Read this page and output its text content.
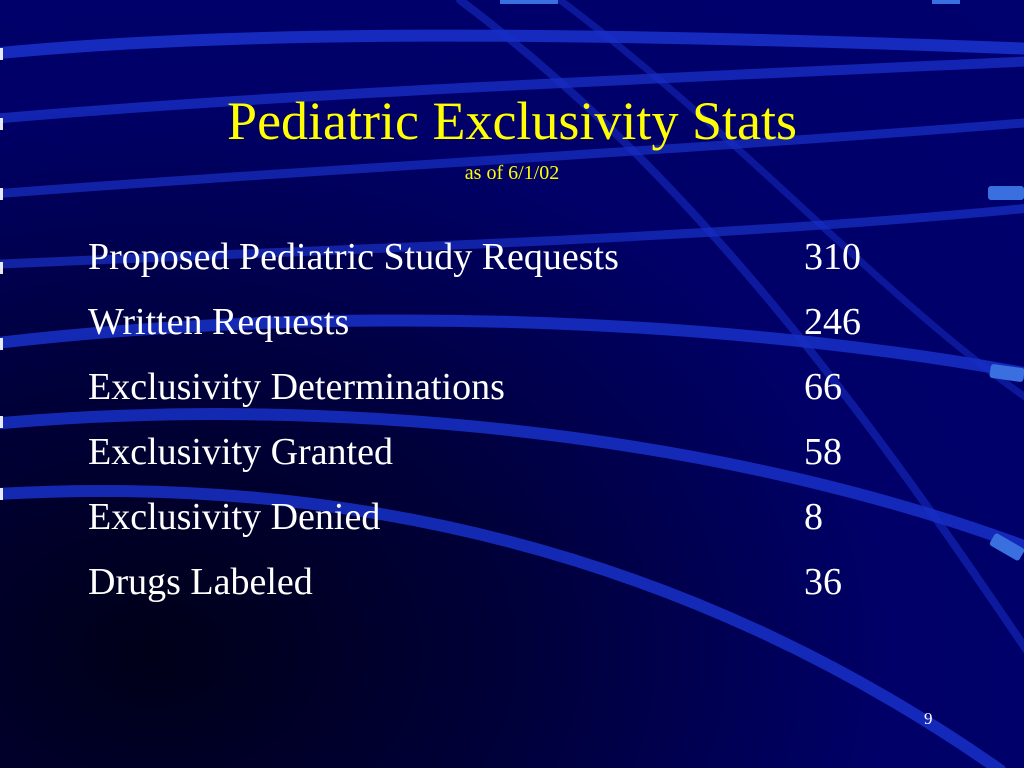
Pediatric Exclusivity Stats
as of 6/1/02
Proposed Pediatric Study Requests	310
Written Requests	246
Exclusivity Determinations	66
Exclusivity Granted	58
Exclusivity Denied	8
Drugs Labeled	36
9
